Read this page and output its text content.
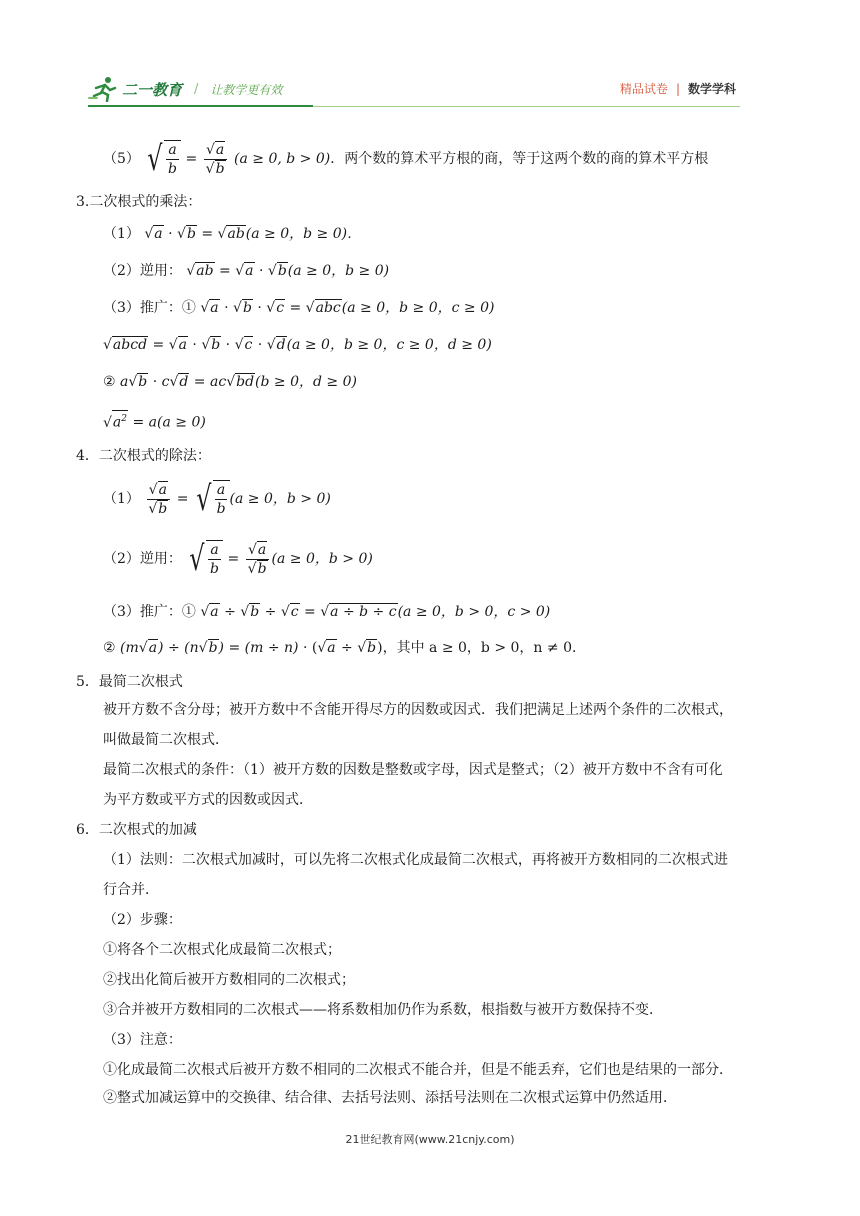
二一教育 / 让教学更有效	精品试卷 | 数学学科
（5） √ $\frac{a}{b} = \frac{√a}{√b} (a \ge 0$, b > 0)．两个数的算术平方根的商，等于这两个数的商的算术平方根
3.二次根式的乘法：
（1） √a · √b = √ab(a ≥ 0，b ≥ 0)．
（2）逆用： √ab = √a · √b(a ≥ 0，b ≥ 0)
（3）推广：① √a · √b · √c = √abc(a ≥ 0，b ≥ 0，c ≥ 0)
√abcd = √a · √b · √c · √d(a ≥ 0，b ≥ 0，c ≥ 0，d ≥ 0)
② a√b · c√d = ac√bd(b ≥ 0，d ≥ 0)
$√a^2 = a(a \ge 0)$
4．二次根式的除法：
$(1) \frac{√a}{√b}$ = √ $\frac{a}{b} (a \ge 0$，b > 0)
（2）逆用： √ $\frac{a}{b} = \frac{√a}{√b} (a \ge 0$，b > 0)
（3）推广：① √a ÷ √b ÷ √c = √a ÷ b ÷ c(a ≥ 0，b > 0，c > 0)
② (m√a) ÷ (n√b) = (m ÷ n) · (√a ÷ √b)，其中 a ≥ 0，b > 0，n ≠ 0．
5．最简二次根式
被开方数不含分母；被开方数中不含能开得尽方的因数或因式．我们把满足上述两个条件的二次根式，
叫做最简二次根式．
最简二次根式的条件：（1）被开方数的因数是整数或字母，因式是整式；（2）被开方数中不含有可化
为平方数或平方式的因数或因式．
6．二次根式的加减
（1）法则：二次根式加减时，可以先将二次根式化成最简二次根式，再将被开方数相同的二次根式进
行合并．
（2）步骤：
①将各个二次根式化成最简二次根式；
②找出化简后被开方数相同的二次根式；
③合并被开方数相同的二次根式——将系数相加仍作为系数，根指数与被开方数保持不变．
（3）注意：
①化成最简二次根式后被开方数不相同的二次根式不能合并，但是不能丢弃，它们也是结果的一部分．
②整式加减运算中的交换律、结合律、去括号法则、添括号法则在二次根式运算中仍然适用．
21世纪教育网(www.21cnjy.com)
